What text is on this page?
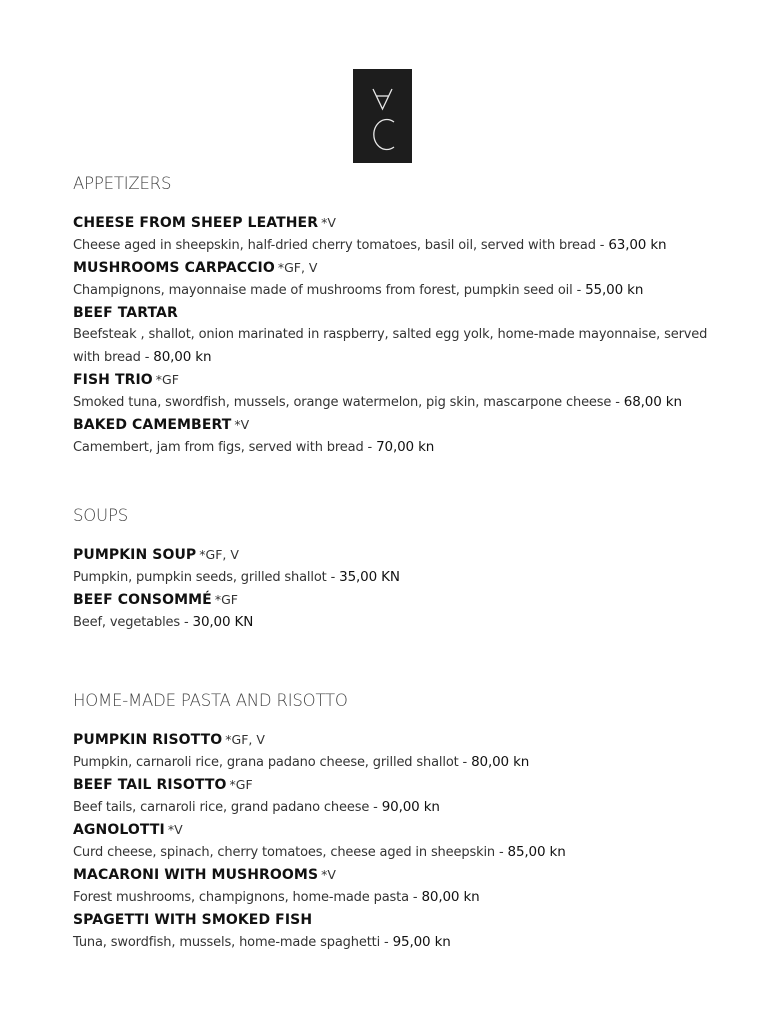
APPETIZERS
CHEESE FROM SHEEP LEATHER *V
Cheese aged in sheepskin, half-dried cherry tomatoes, basil oil, served with bread - 63,00 kn
MUSHROOMS CARPACCIO *GF, V
Champignons, mayonnaise made of mushrooms from forest, pumpkin seed oil - 55,00 kn
BEEF TARTAR
Beefsteak , shallot, onion marinated in raspberry, salted egg yolk, home-made mayonnaise, served with bread - 80,00 kn
FISH TRIO *GF
Smoked tuna, swordfish, mussels, orange watermelon, pig skin, mascarpone cheese - 68,00 kn
BAKED CAMEMBERT *V
Camembert, jam from figs, served with bread - 70,00 kn
SOUPS
PUMPKIN SOUP *GF, V
Pumpkin, pumpkin seeds, grilled shallot - 35,00 KN
BEEF CONSOMMÉ *GF
Beef, vegetables - 30,00 KN
HOME-MADE PASTA AND RISOTTO
PUMPKIN RISOTTO *GF, V
Pumpkin, carnaroli rice, grana padano cheese, grilled shallot - 80,00 kn
BEEF TAIL RISOTTO *GF
Beef tails, carnaroli rice, grand padano cheese - 90,00 kn
AGNOLOTTI *V
Curd cheese, spinach, cherry tomatoes, cheese aged in sheepskin - 85,00 kn
MACARONI WITH MUSHROOMS *V
Forest mushrooms, champignons, home-made pasta - 80,00 kn
SPAGETTI WITH SMOKED FISH
Tuna, swordfish, mussels, home-made spaghetti - 95,00 kn
